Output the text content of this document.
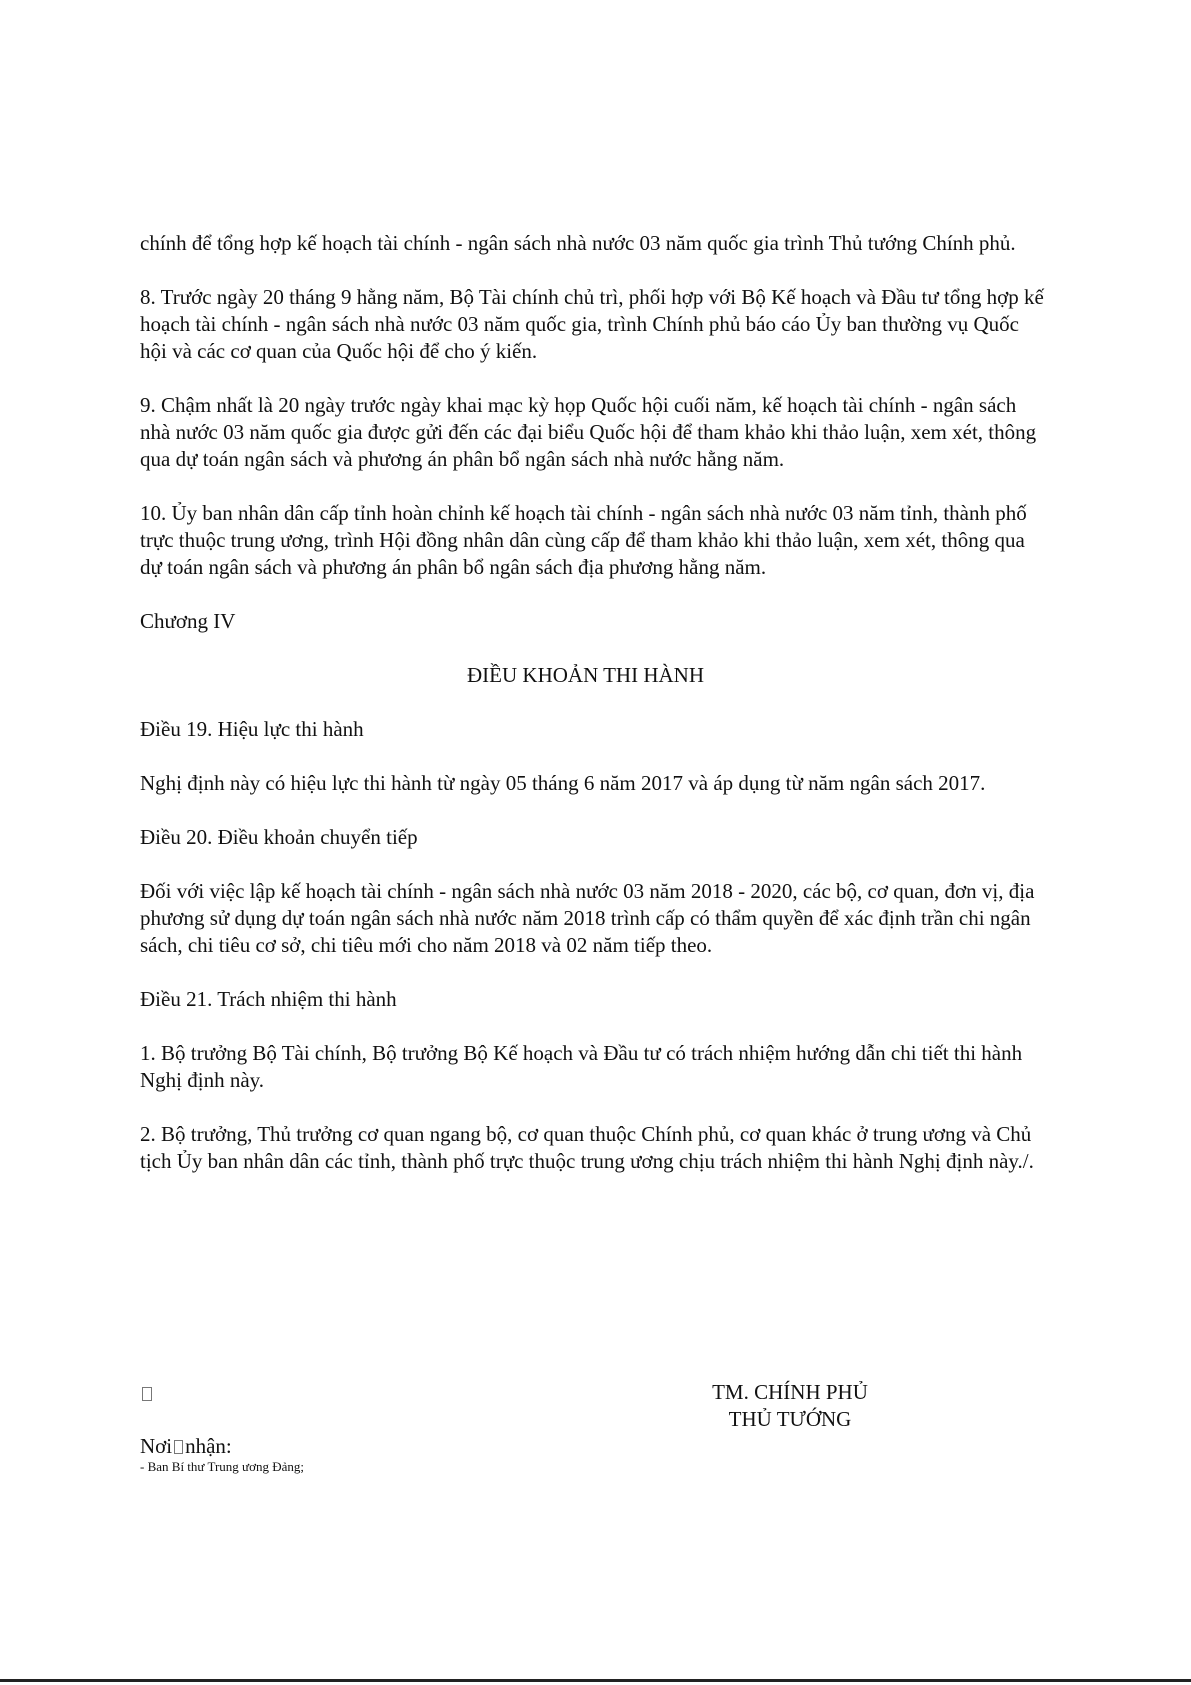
chính để tổng hợp kế hoạch tài chính - ngân sách nhà nước 03 năm quốc gia trình Thủ tướng Chính phủ.

8. Trước ngày 20 tháng 9 hằng năm, Bộ Tài chính chủ trì, phối hợp với Bộ Kế hoạch và Đầu tư tổng hợp kế hoạch tài chính - ngân sách nhà nước 03 năm quốc gia, trình Chính phủ báo cáo Ủy ban thường vụ Quốc hội và các cơ quan của Quốc hội để cho ý kiến.

9. Chậm nhất là 20 ngày trước ngày khai mạc kỳ họp Quốc hội cuối năm, kế hoạch tài chính - ngân sách nhà nước 03 năm quốc gia được gửi đến các đại biểu Quốc hội để tham khảo khi thảo luận, xem xét, thông qua dự toán ngân sách và phương án phân bổ ngân sách nhà nước hằng năm.

10. Ủy ban nhân dân cấp tỉnh hoàn chỉnh kế hoạch tài chính - ngân sách nhà nước 03 năm tỉnh, thành phố trực thuộc trung ương, trình Hội đồng nhân dân cùng cấp để tham khảo khi thảo luận, xem xét, thông qua dự toán ngân sách và phương án phân bổ ngân sách địa phương hằng năm.

Chương IV

ĐIỀU KHOẢN THI HÀNH

Điều 19. Hiệu lực thi hành

Nghị định này có hiệu lực thi hành từ ngày 05 tháng 6 năm 2017 và áp dụng từ năm ngân sách 2017.

Điều 20. Điều khoản chuyển tiếp

Đối với việc lập kế hoạch tài chính - ngân sách nhà nước 03 năm 2018 - 2020, các bộ, cơ quan, đơn vị, địa phương sử dụng dự toán ngân sách nhà nước năm 2018 trình cấp có thẩm quyền để xác định trần chi ngân sách, chi tiêu cơ sở, chi tiêu mới cho năm 2018 và 02 năm tiếp theo.

Điều 21. Trách nhiệm thi hành

1. Bộ trưởng Bộ Tài chính, Bộ trưởng Bộ Kế hoạch và Đầu tư có trách nhiệm hướng dẫn chi tiết thi hành Nghị định này.

2. Bộ trưởng, Thủ trưởng cơ quan ngang bộ, cơ quan thuộc Chính phủ, cơ quan khác ở trung ương và Chủ tịch Ủy ban nhân dân các tỉnh, thành phố trực thuộc trung ương chịu trách nhiệm thi hành Nghị định này./.

TM. CHÍNH PHỦ
THỦ TƯỚNG
Nơi nhận:
- Ban Bí thư Trung ương Đảng;
